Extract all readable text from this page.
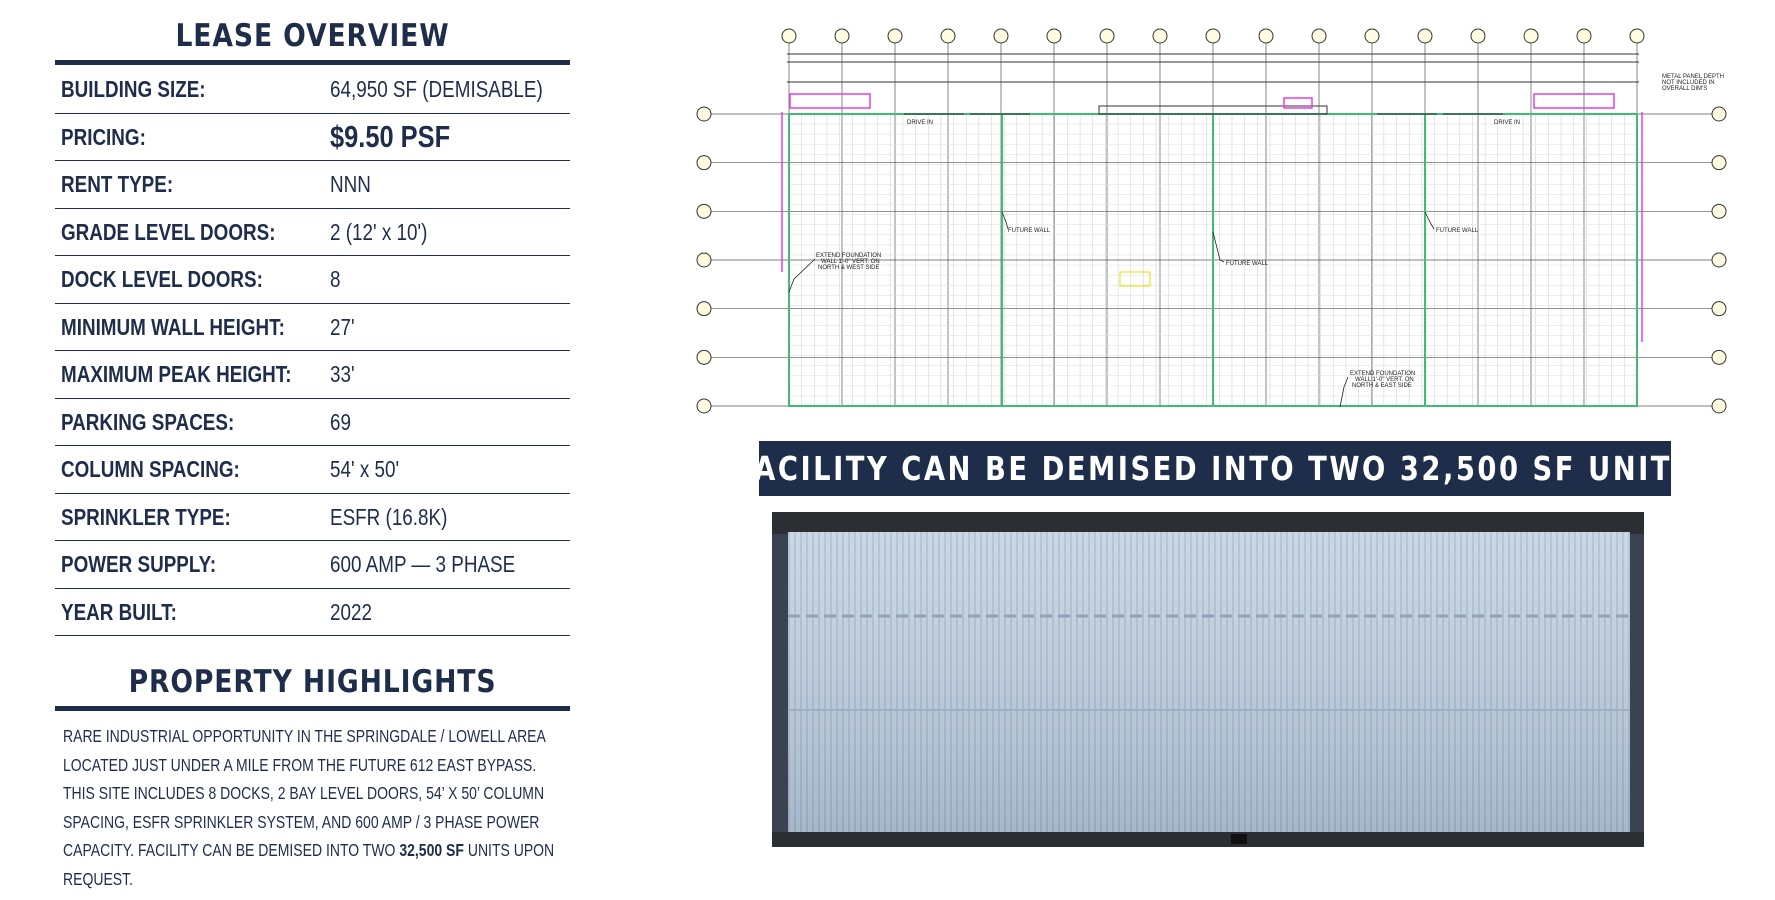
LEASE OVERVIEW
BUILDING SIZE:	64,950 SF (DEMISABLE)
PRICING:	$9.50 PSF
RENT TYPE:	NNN
GRADE LEVEL DOORS: 2 (12' x 10')
DOCK LEVEL DOORS:	8
MINIMUM WALL HEIGHT: 27'
MAXIMUM PEAK HEIGHT: 33'
PARKING SPACES:	69
COLUMN SPACING:	54' x 50'
SPRINKLER TYPE:	ESFR (16.8K)
POWER SUPPLY:	600 AMP — 3 PHASE
YEAR BUILT:	2022
PROPERTY HIGHLIGHTS
RARE INDUSTRIAL OPPORTUNITY IN THE SPRINGDALE / LOWELL AREA LOCATED JUST UNDER A MILE FROM THE FUTURE 612 EAST BYPASS. THIS SITE INCLUDES 8 DOCKS, 2 BAY LEVEL DOORS, 54’ X 50’ COLUMN SPACING, ESFR SPRINKLER SYSTEM, AND 600 AMP / 3 PHASE POWER CAPACITY. FACILITY CAN BE DEMISED INTO TWO 32,500 SF UNITS UPON REQUEST.
DRIVE IN	DRIVE IN
FUTURE WALL
FUTURE WALL
FUTURE WALL
EXTEND FOUNDATION
WALL 1'-0" VERT. ON
NORTH & WEST SIDE
EXTEND FOUNDATION
WALL 1'-0" VERT. ON
NORTH & EAST SIDE
METAL PANEL DEPTH
NOT INCLUDED IN
OVERALL DIM'S
FACILITY CAN BE DEMISED INTO TWO 32,500 SF UNITS
